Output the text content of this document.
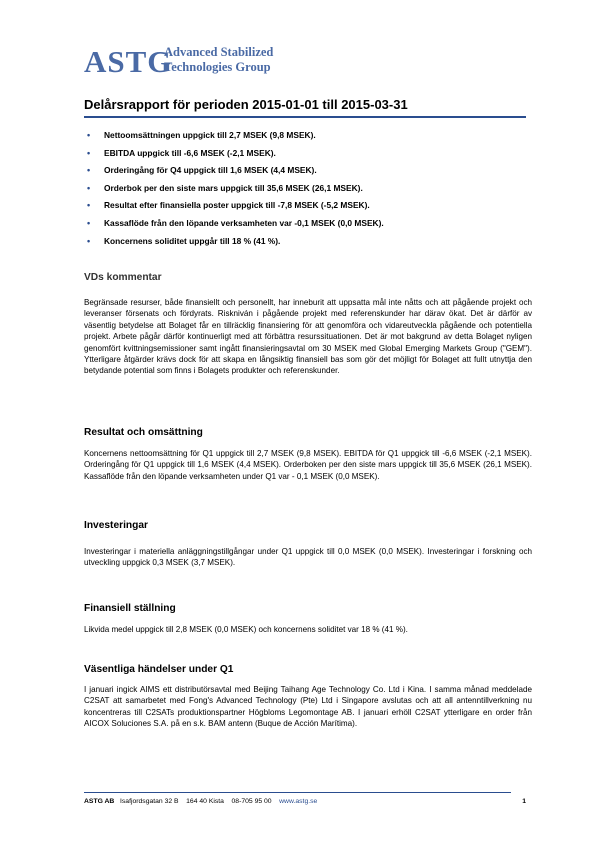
ASTG
Advanced Stabilized
Technologies Group
Delårsrapport för perioden 2015-01-01 till 2015-03-31
• Nettoomsättningen uppgick till 2,7 MSEK (9,8 MSEK).
• EBITDA uppgick till -6,6 MSEK (-2,1 MSEK).
• Orderingång för Q4 uppgick till 1,6 MSEK (4,4 MSEK).
• Orderbok per den siste mars uppgick till 35,6 MSEK (26,1 MSEK).
• Resultat efter finansiella poster uppgick till -7,8 MSEK (-5,2 MSEK).
• Kassaflöde från den löpande verksamheten var -0,1 MSEK (0,0 MSEK).
• Koncernens soliditet uppgår till 18 % (41 %).
VDs kommentar

Begränsade resurser, både finansiellt och personellt, har inneburit att uppsatta mål inte nåtts och att pågående projekt och leveranser försenats och fördyrats. Riskniván i pågående projekt med referenskunder har därav ökat. Det är därför av väsentlig betydelse att Bolaget får en tillräcklig finansiering för att genomföra och vidareutveckla pågående och potentiella projekt. Arbete pågår därför kontinuerligt med att förbättra resurssituationen. Det är mot bakgrund av detta Bolaget nyligen genomfört kvittningsemissioner samt ingått finansieringsavtal om 30 MSEK med Global Emerging Markets Group ("GEM"). Ytterligare åtgärder krävs dock för att skapa en långsiktig finansiell bas som gör det möjligt för Bolaget att fullt utnyttja den betydande potential som finns i Bolagets produkter och referenskunder.

Resultat och omsättning

Koncernens nettoomsättning för Q1 uppgick till 2,7 MSEK (9,8 MSEK). EBITDA för Q1 uppgick till -6,6 MSEK (-2,1 MSEK). Orderingång för Q1 uppgick till 1,6 MSEK (4,4 MSEK). Orderboken per den siste mars uppgick till 35,6 MSEK (26,1 MSEK). Kassaflöde från den löpande verksamheten under Q1 var - 0,1 MSEK (0,0 MSEK).

Investeringar

Investeringar i materiella anläggningstillgångar under Q1 uppgick till 0,0 MSEK (0,0 MSEK). Investeringar i forskning och utveckling uppgick 0,3 MSEK (3,7 MSEK).

Finansiell ställning

Likvida medel uppgick till 2,8 MSEK (0,0 MSEK) och koncernens soliditet var 18 % (41 %).

Väsentliga händelser under Q1

I januari ingick AIMS ett distributörsavtal med Beijing Taihang Age Technology Co. Ltd i Kina. I samma månad meddelade C2SAT att samarbetet med Fong's Advanced Technology (Pte) Ltd i Singapore avslutas och att all antenntillverkning nu koncentreras till C2SATs produktionspartner Högbloms Legomontage AB. I januari erhöll C2SAT ytterligare en order från AICOX Soluciones S.A. på en s.k. BAM antenn (Buque de Acción Marítima).

ASTG AB Isafjordsgatan 32 B 164 40 Kista 08-705 95 00 www.astg.se	1
